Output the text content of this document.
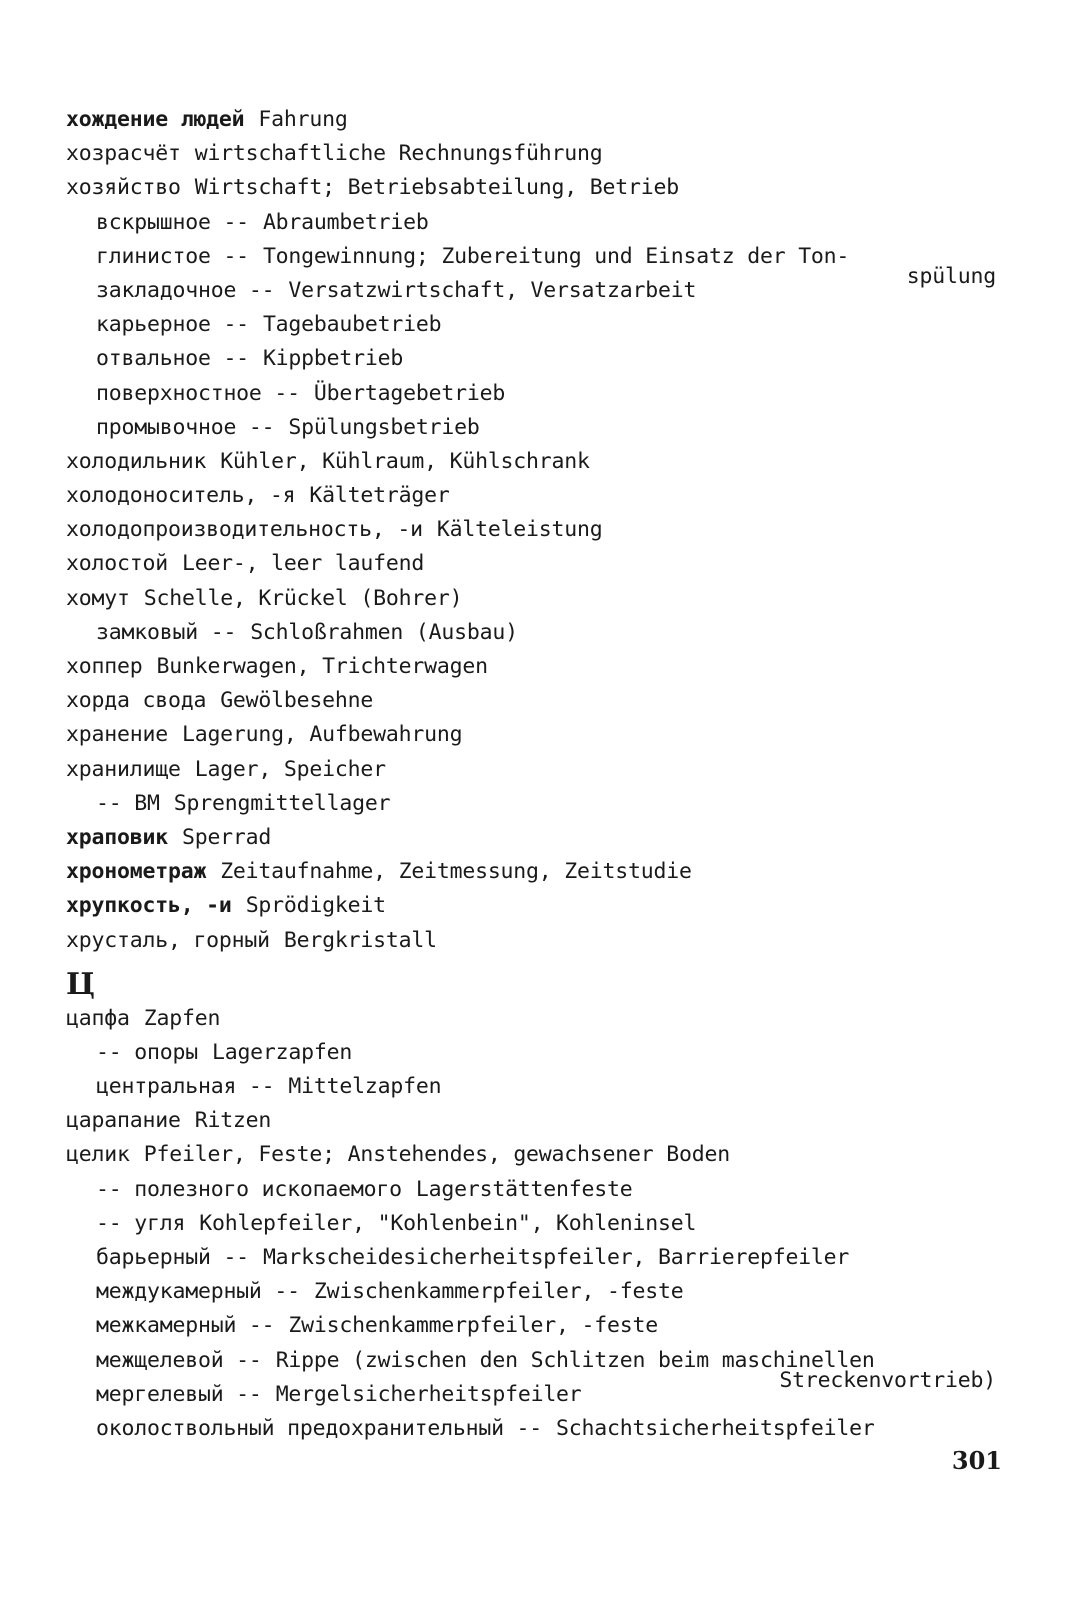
хождение людей Fahrung
хозрасчёт wirtschaftliche Rechnungsführung
хозяйство Wirtschaft; Betriebsabteilung, Betrieb
вскрышное -- Abraumbetrieb
глинистое -- Tongewinnung; Zubereitung und Einsatz der Ton-
закладочное -- Versatzwirtschaft, Versatzarbeit
spülung
карьерное -- Tagebaubetrieb
отвальное -- Kippbetrieb
поверхностное -- Übertagebetrieb
промывочное -- Spülungsbetrieb
холодильник Kühler, Kühlraum, Kühlschrank
холодоноситель, -я Kälteträger
холодопроизводительность, -и Kälteleistung
холостой Leer-, leer laufend
хомут Schelle, Krückel (Bohrer)
замковый -- Schloßrahmen (Ausbau)
хоппер Bunkerwagen, Trichterwagen
хорда свода Gewölbesehne
хранение Lagerung, Aufbewahrung
хранилище Lager, Speicher
-- ВМ Sprengmittellager
храповик Sperrad
хронометраж Zeitaufnahme, Zeitmessung, Zeitstudie
хрупкость, -и Sprödigkeit
хрусталь, горный Bergkristall
Ц
цапфа Zapfen
-- опоры Lagerzapfen
центральная -- Mittelzapfen
царапание Ritzen
целик Pfeiler, Feste; Anstehendes, gewachsener Boden
-- полезного ископаемого Lagerstättenfeste
-- угля Kohlepfeiler, "Kohlenbein", Kohleninsel
барьерный -- Markscheidesicherheitspfeiler, Barrierepfeiler
междукамерный -- Zwischenkammerpfeiler, -feste
межкамерный -- Zwischenkammerpfeiler, -feste
межщелевой -- Rippe (zwischen den Schlitzen beim maschinellen
мергелевый -- Mergelsicherheitspfeiler
Streckenvortrieb)
околоствольный предохранительный -- Schachtsicherheitspfeiler
301
